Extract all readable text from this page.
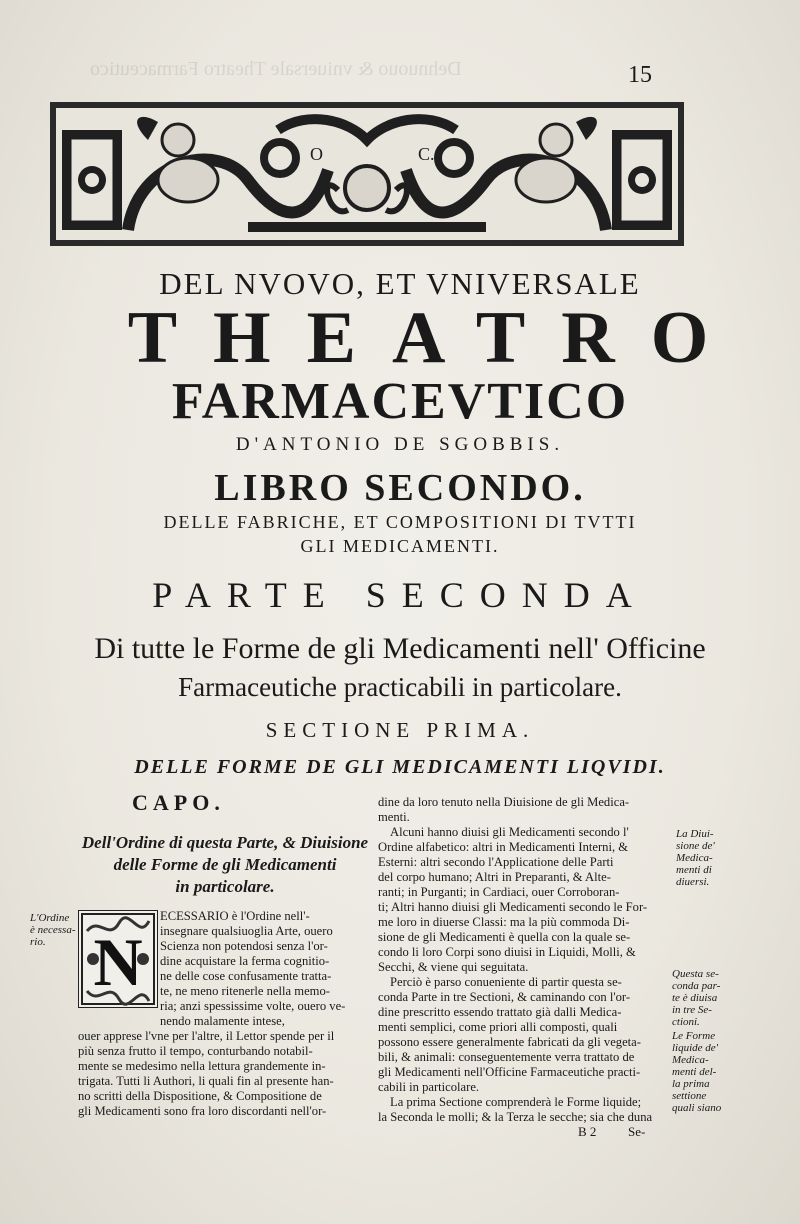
Dehnuouo & vniuersale Theatro Farmaceutico	15
O	C.
DEL NVOVO, ET VNIVERSALE
THEATRO
FARMACEVTICO
D'ANTONIO DE SGOBBIS.
LIBRO SECONDO.
DELLE FABRICHE, ET COMPOSITIONI DI TVTTI
GLI MEDICAMENTI.
PARTE SECONDA
Di tutte le Forme de gli Medicamenti nell' Officine
Farmaceutiche practicabili in particolare.
SECTIONE PRIMA.
DELLE FORME DE GLI MEDICAMENTI LIQVIDI.
CAPO.
Dell'Ordine di questa Parte, & Diuisione
delle Forme de gli Medicamenti
in particolare.
L'Ordine
è necessa-
rio. N
ECESSARIO è l'Ordine nell'-
insegnare qualsiuoglia Arte, ouero
Scienza non potendosi senza l'or-
dine acquistare la ferma cognitio-
ne delle cose confusamente tratta-
te, ne meno ritenerle nella memo-
ria; anzi spessissime volte, ouero ve-
nendo malamente intese,
ouer apprese l'vne per l'altre, il Lettor spende per il
più senza frutto il tempo, conturbando notabil-
mente se medesimo nella lettura grandemente in-
trigata. Tutti li Authori, li quali fin al presente han-
no scritti della Dispositione, & Compositione de
gli Medicamenti sono fra loro discordanti nell'or-
dine da loro tenuto nella Diuisione de gli Medica-
menti.
Alcuni hanno diuisi gli Medicamenti secondo l'
Ordine alfabetico: altri in Medicamenti Interni, &
Esterni: altri secondo l'Applicatione delle Parti
del corpo humano; Altri in Preparanti, & Alte-
ranti; in Purganti; in Cardiaci, ouer Corroboran-
ti; Altri hanno diuisi gli Medicamenti secondo le For-
me loro in diuerse Classi: ma la più commoda Di-
sione de gli Medicamenti è quella con la quale se-
condo li loro Corpi sono diuisi in Liquidi, Molli, &
Secchi, & viene qui seguitata.
Perciò è parso conueniente di partir questa se-
conda Parte in tre Sectioni, & caminando con l'or-
dine prescritto essendo trattato già dalli Medica-
menti semplici, come priori alli composti, quali
possono essere generalmente fabricati da gli vegeta-
bili, & animali: conseguentemente verra trattato de
gli Medicamenti nell'Officine Farmaceutiche practi-
cabili in particolare.
La prima Sectione comprenderà le Forme liquide;
la Seconda le molli; & la Terza le secche; sia che duna
La Diui-
sione de'
Medica-
menti di
diuersi.
Questa se-
conda par-
te è diuisa
in tre Se-
ctioni.
Le Forme
liquide de'
Medica-
menti del-
la prima
settione
quali siano
B 2 Se-
